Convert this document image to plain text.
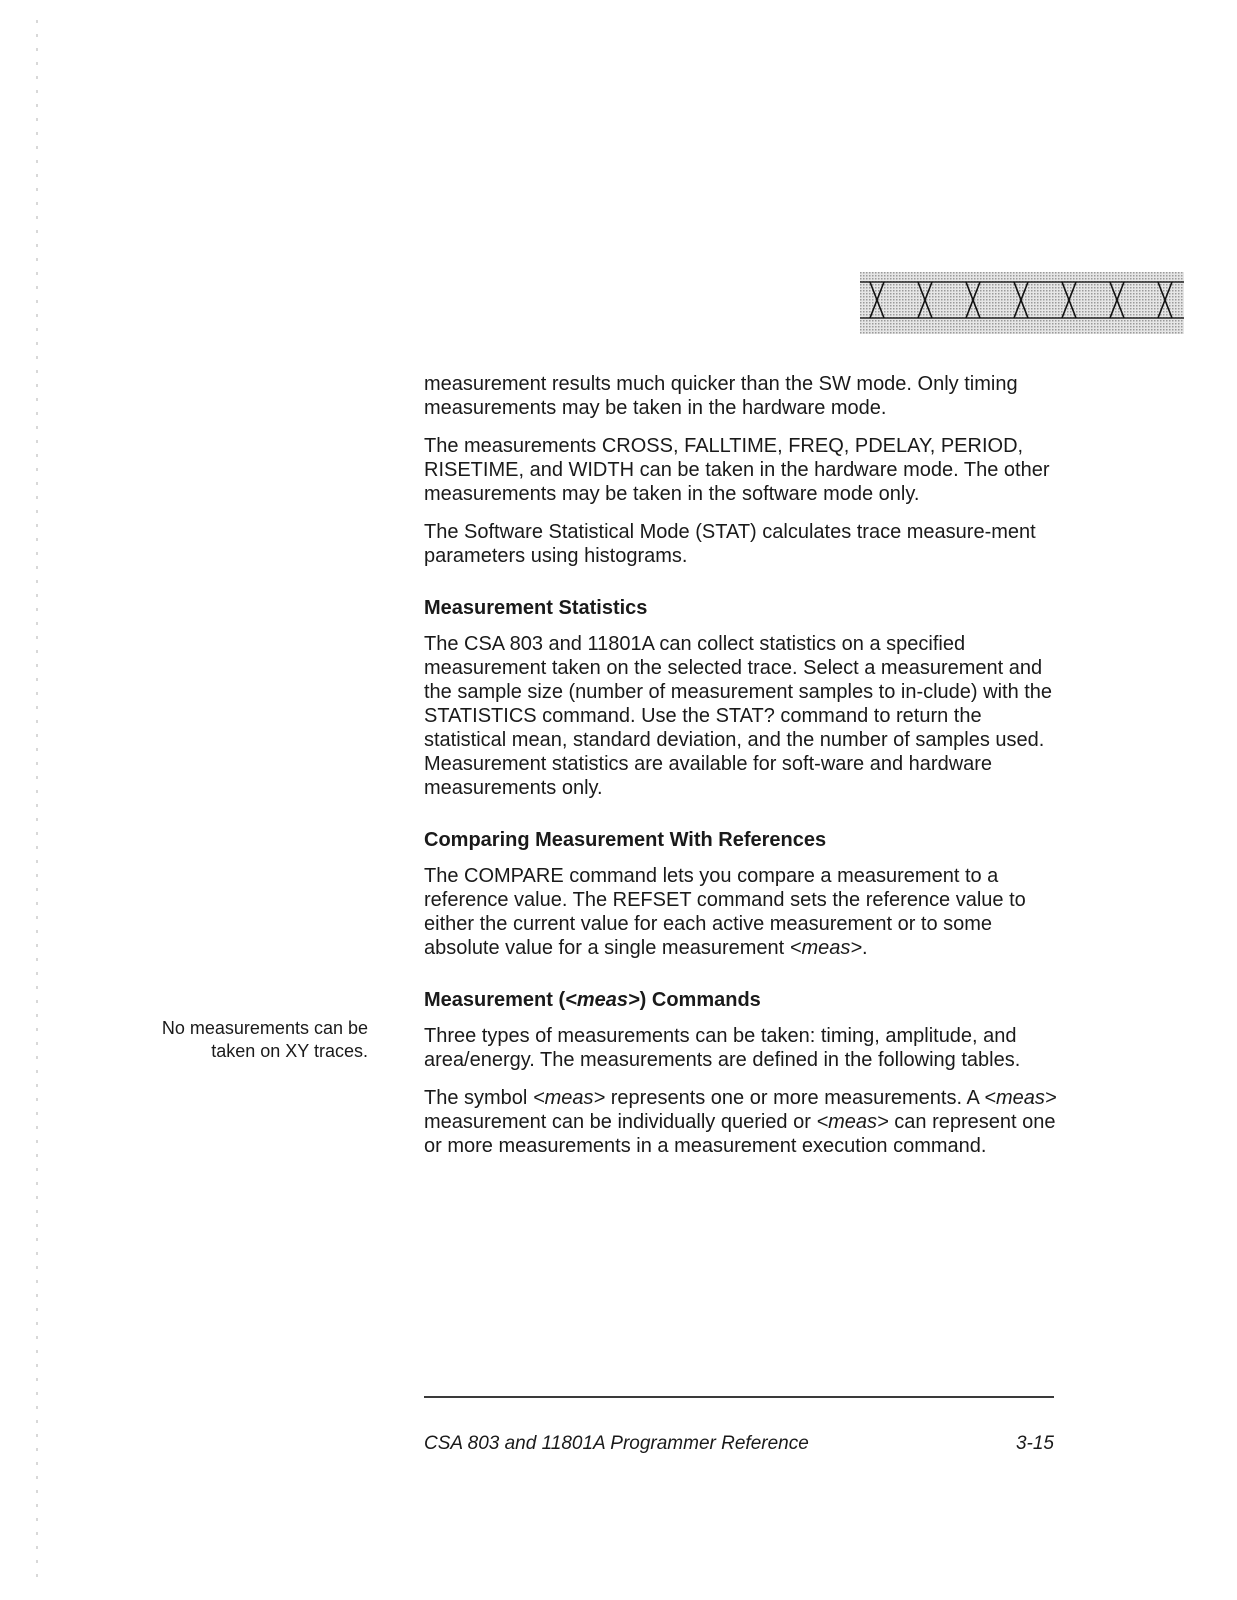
measurement results much quicker than the SW mode. Only timing measurements may be taken in the hardware mode.

The measurements CROSS, FALLTIME, FREQ, PDELAY, PERIOD, RISETIME, and WIDTH can be taken in the hardware mode. The other measurements may be taken in the software mode only.

The Software Statistical Mode (STAT) calculates trace measure-ment parameters using histograms.

Measurement Statistics

The CSA 803 and 11801A can collect statistics on a specified measurement taken on the selected trace. Select a measurement and the sample size (number of measurement samples to in-clude) with the STATISTICS command. Use the STAT? command to return the statistical mean, standard deviation, and the number of samples used. Measurement statistics are available for soft-ware and hardware measurements only.

Comparing Measurement With References

The COMPARE command lets you compare a measurement to a reference value. The REFSET command sets the reference value to either the current value for each active measurement or to some absolute value for a single measurement <meas>.

Measurement (<meas>) Commands

Three types of measurements can be taken: timing, amplitude, and area/energy. The measurements are defined in the following tables.

The symbol <meas> represents one or more measurements. A <meas> measurement can be individually queried or <meas> can represent one or more measurements in a measurement execution command.

No measurements can be taken on XY traces.
CSA 803 and 11801A Programmer Reference	3-15
